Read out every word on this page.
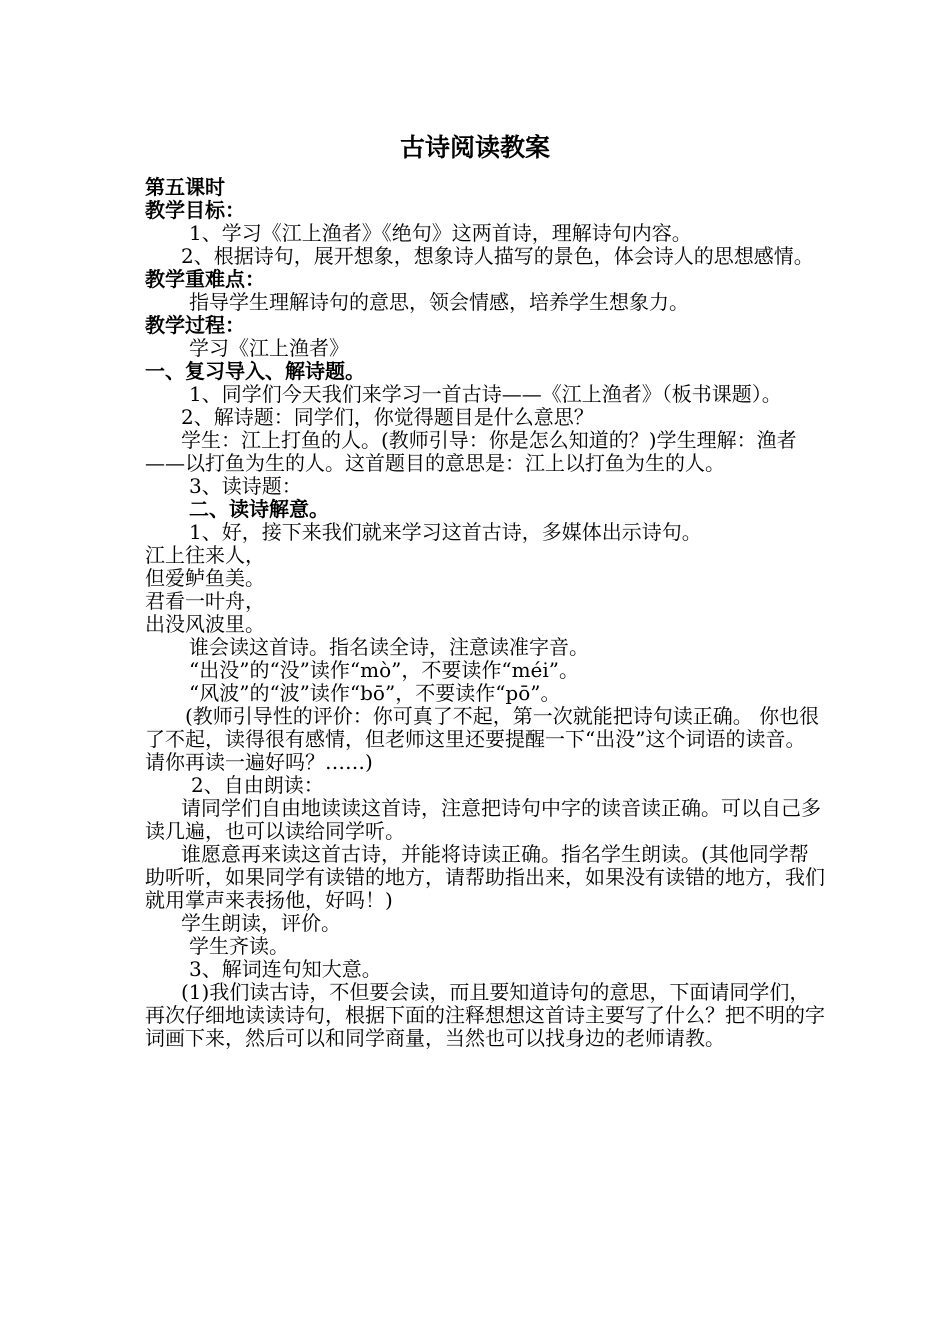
古诗阅读教案

第五课时

教学目标：

1、学习《江上渔者》《绝句》这两首诗，理解诗句内容。

2、根据诗句，展开想象，想象诗人描写的景色，体会诗人的思想感情。

教学重难点：

指导学生理解诗句的意思，领会情感，培养学生想象力。

教学过程：

学习《江上渔者》

一、复习导入、解诗题。

1、同学们今天我们来学习一首古诗——《江上渔者》（板书课题）。

2、解诗题：同学们，你觉得题目是什么意思？

学生：江上打鱼的人。(教师引导：你是怎么知道的？)学生理解：渔者——以打鱼为生的人。这首题目的意思是：江上以打鱼为生的人。

3、读诗题：

二、读诗解意。

1、好，接下来我们就来学习这首古诗，多媒体出示诗句。

江上往来人，

但爱鲈鱼美。

君看一叶舟，

出没风波里。

谁会读这首诗。指名读全诗，注意读准字音。

“出没”的“没”读作“mò”，不要读作“méi”。

“风波”的“波”读作“bō”，不要读作“pō”。

(教师引导性的评价：你可真了不起，第一次就能把诗句读正确。 你也很了不起，读得很有感情，但老师这里还要提醒一下“出没”这个词语的读音。请你再读一遍好吗？……)

2、自由朗读：

请同学们自由地读读这首诗，注意把诗句中字的读音读正确。可以自己多读几遍，也可以读给同学听。

谁愿意再来读这首古诗，并能将诗读正确。指名学生朗读。(其他同学帮助听听，如果同学有读错的地方，请帮助指出来，如果没有读错的地方，我们就用掌声来表扬他，好吗！)

学生朗读，评价。

学生齐读。

3、解词连句知大意。

(1)我们读古诗，不但要会读，而且要知道诗句的意思，下面请同学们，再次仔细地读读诗句，根据下面的注释想想这首诗主要写了什么？把不明的字词画下来，然后可以和同学商量，当然也可以找身边的老师请教。
